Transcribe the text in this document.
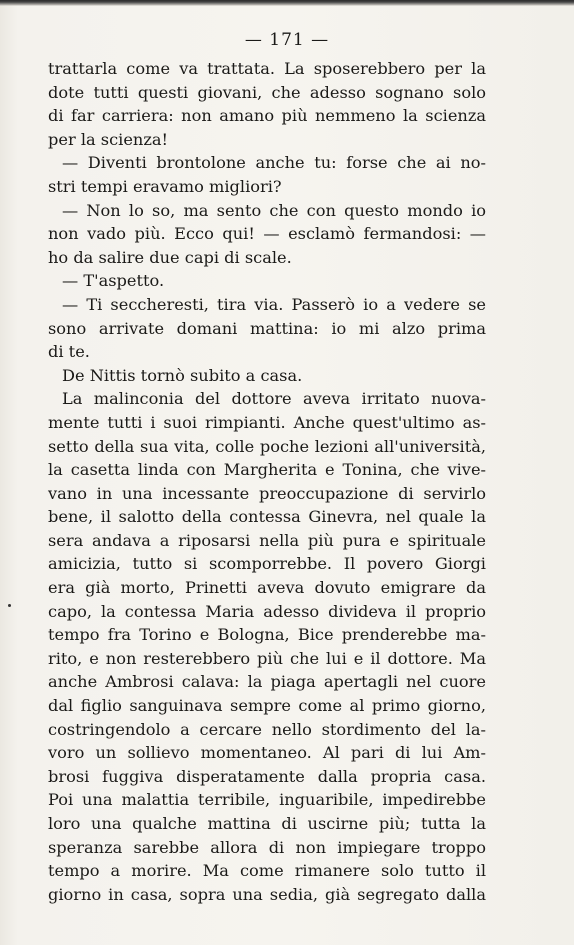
— 171 —
trattarla come va trattata. La sposerebbero per la
dote tutti questi giovani, che adesso sognano solo
di far carriera: non amano più nemmeno la scienza
per la scienza!
— Diventi brontolone anche tu: forse che ai no-
stri tempi eravamo migliori?
— Non lo so, ma sento che con questo mondo io
non vado più. Ecco qui! — esclamò fermandosi: —
ho da salire due capi di scale.
— T'aspetto.
— Ti seccheresti, tira via. Passerò io a vedere se
sono arrivate domani mattina: io mi alzo prima
di te.
De Nittis tornò subito a casa.
La malinconia del dottore aveva irritato nuova-
mente tutti i suoi rimpianti. Anche quest'ultimo as-
setto della sua vita, colle poche lezioni all'università,
la casetta linda con Margherita e Tonina, che vive-
vano in una incessante preoccupazione di servirlo
bene, il salotto della contessa Ginevra, nel quale la
sera andava a riposarsi nella più pura e spirituale
amicizia, tutto si scomporrebbe. Il povero Giorgi
era già morto, Prinetti aveva dovuto emigrare da
capo, la contessa Maria adesso divideva il proprio
tempo fra Torino e Bologna, Bice prenderebbe ma-
rito, e non resterebbero più che lui e il dottore. Ma
anche Ambrosi calava: la piaga apertagli nel cuore
dal figlio sanguinava sempre come al primo giorno,
costringendolo a cercare nello stordimento del la-
voro un sollievo momentaneo. Al pari di lui Am-
brosi fuggiva disperatamente dalla propria casa.
Poi una malattia terribile, inguaribile, impedirebbe
loro una qualche mattina di uscirne più; tutta la
speranza sarebbe allora di non impiegare troppo
tempo a morire. Ma come rimanere solo tutto il
giorno in casa, sopra una sedia, già segregato dalla
